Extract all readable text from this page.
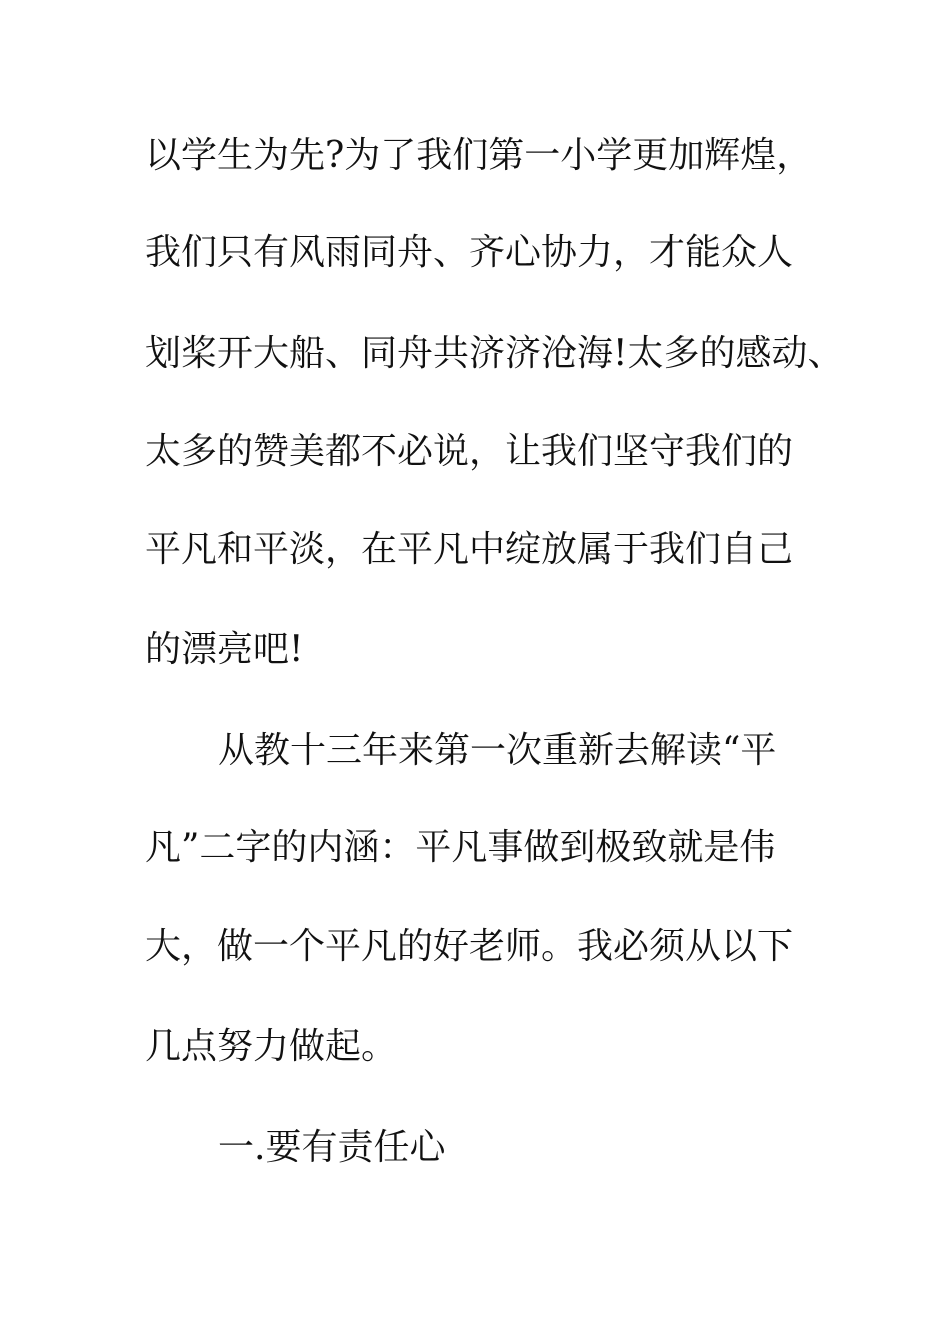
以学生为先?为了我们第一小学更加辉煌，
我们只有风雨同舟、齐心协力，才能众人
划桨开大船、同舟共济济沧海!太多的感动、
太多的赞美都不必说，让我们坚守我们的
平凡和平淡，在平凡中绽放属于我们自己
的漂亮吧!
从教十三年来第一次重新去解读“平
凡”二字的内涵：平凡事做到极致就是伟
大，做一个平凡的好老师。我必须从以下
几点努力做起。
一.要有责任心
